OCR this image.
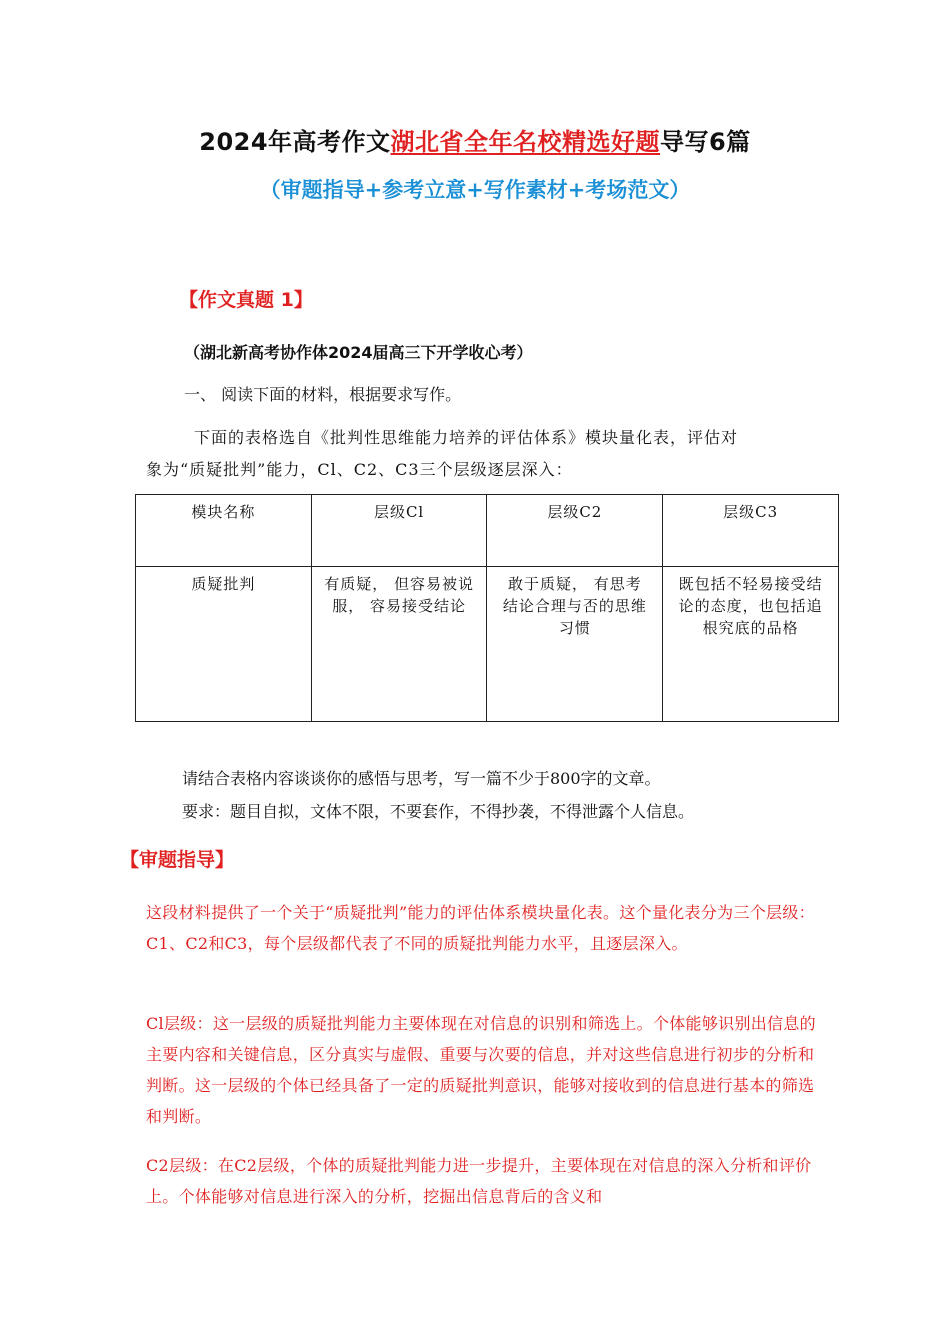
2024年高考作文湖北省全年名校精选好题导写6篇
（审题指导+参考立意+写作素材+考场范文）
【作文真题 1】
（湖北新高考协作体2024届高三下开学收心考）
一、 阅读下面的材料，根据要求写作。
下面的表格选自《批判性思维能力培养的评估体系》模块量化表，评估对
象为“质疑批判”能力，Cl、C2、C3三个层级逐层深入：
模块名称	层级Cl	层级C2	层级C3
质疑批判	有质疑， 但容易被说服， 容易接受结论	敢于质疑， 有思考 结论合理与否的思维习惯	既包括不轻易接受结论的态度，也包括追根究底的品格
请结合表格内容谈谈你的感悟与思考，写一篇不少于800字的文章。
要求：题目自拟，文体不限，不要套作，不得抄袭，不得泄露个人信息。
【审题指导】
这段材料提供了一个关于“质疑批判”能力的评估体系模块量化表。这个量化表分为三个层级：C1、C2和C3，每个层级都代表了不同的质疑批判能力水平，且逐层深入。
Cl层级：这一层级的质疑批判能力主要体现在对信息的识别和筛选上。个体能够识别出信息的主要内容和关键信息，区分真实与虚假、重要与次要的信息，并对这些信息进行初步的分析和判断。这一层级的个体已经具备了一定的质疑批判意识，能够对接收到的信息进行基本的筛选和判断。
C2层级：在C2层级，个体的质疑批判能力进一步提升，主要体现在对信息的深入分析和评价上。个体能够对信息进行深入的分析，挖掘出信息背后的含义和
